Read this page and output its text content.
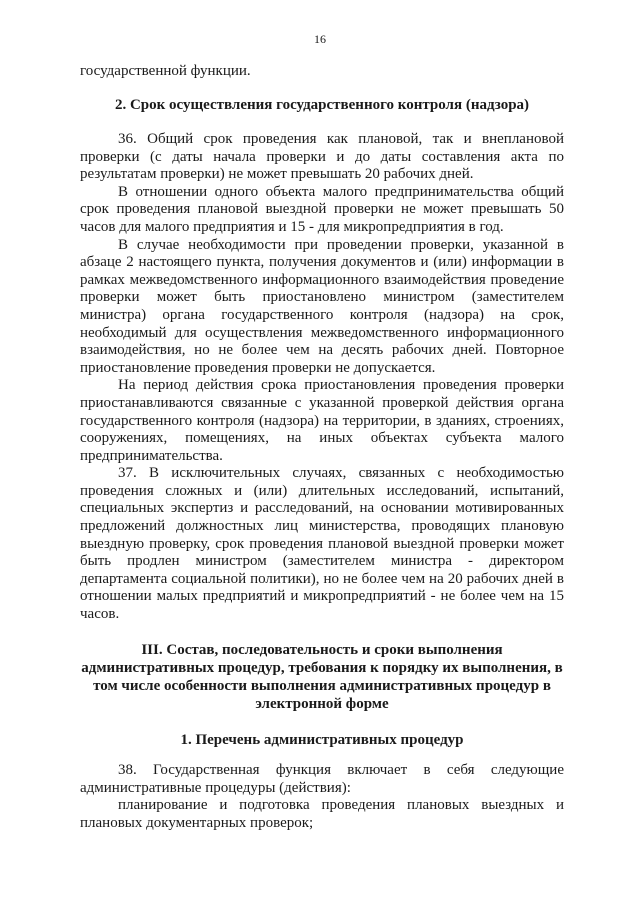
16
государственной функции.
2. Срок осуществления государственного контроля (надзора)

36. Общий срок проведения как плановой, так и внеплановой проверки (с даты начала проверки и до даты составления акта по результатам проверки) не может превышать 20 рабочих дней.

В отношении одного объекта малого предпринимательства общий срок проведения плановой выездной проверки не может превышать 50 часов для малого предприятия и 15 - для микропредприятия в год.

В случае необходимости при проведении проверки, указанной в абзаце 2 настоящего пункта, получения документов и (или) информации в рамках межведомственного информационного взаимодействия проведение проверки может быть приостановлено министром (заместителем министра) органа государственного контроля (надзора) на срок, необходимый для осуществления межведомственного информационного взаимодействия, но не более чем на десять рабочих дней. Повторное приостановление проведения проверки не допускается.

На период действия срока приостановления проведения проверки приостанавливаются связанные с указанной проверкой действия органа государственного контроля (надзора) на территории, в зданиях, строениях, сооружениях, помещениях, на иных объектах субъекта малого предпринимательства.

37. В исключительных случаях, связанных с необходимостью проведения сложных и (или) длительных исследований, испытаний, специальных экспертиз и расследований, на основании мотивированных предложений должностных лиц министерства, проводящих плановую выездную проверку, срок проведения плановой выездной проверки может быть продлен министром (заместителем министра - директором департамента социальной политики), но не более чем на 20 рабочих дней в отношении малых предприятий и микропредприятий - не более чем на 15 часов.

III. Состав, последовательность и сроки выполнения административных процедур, требования к порядку их выполнения, в том числе особенности выполнения административных процедур в электронной форме
1. Перечень административных процедур

38. Государственная функция включает в себя следующие административные процедуры (действия):

планирование и подготовка проведения плановых выездных и плановых документарных проверок;
